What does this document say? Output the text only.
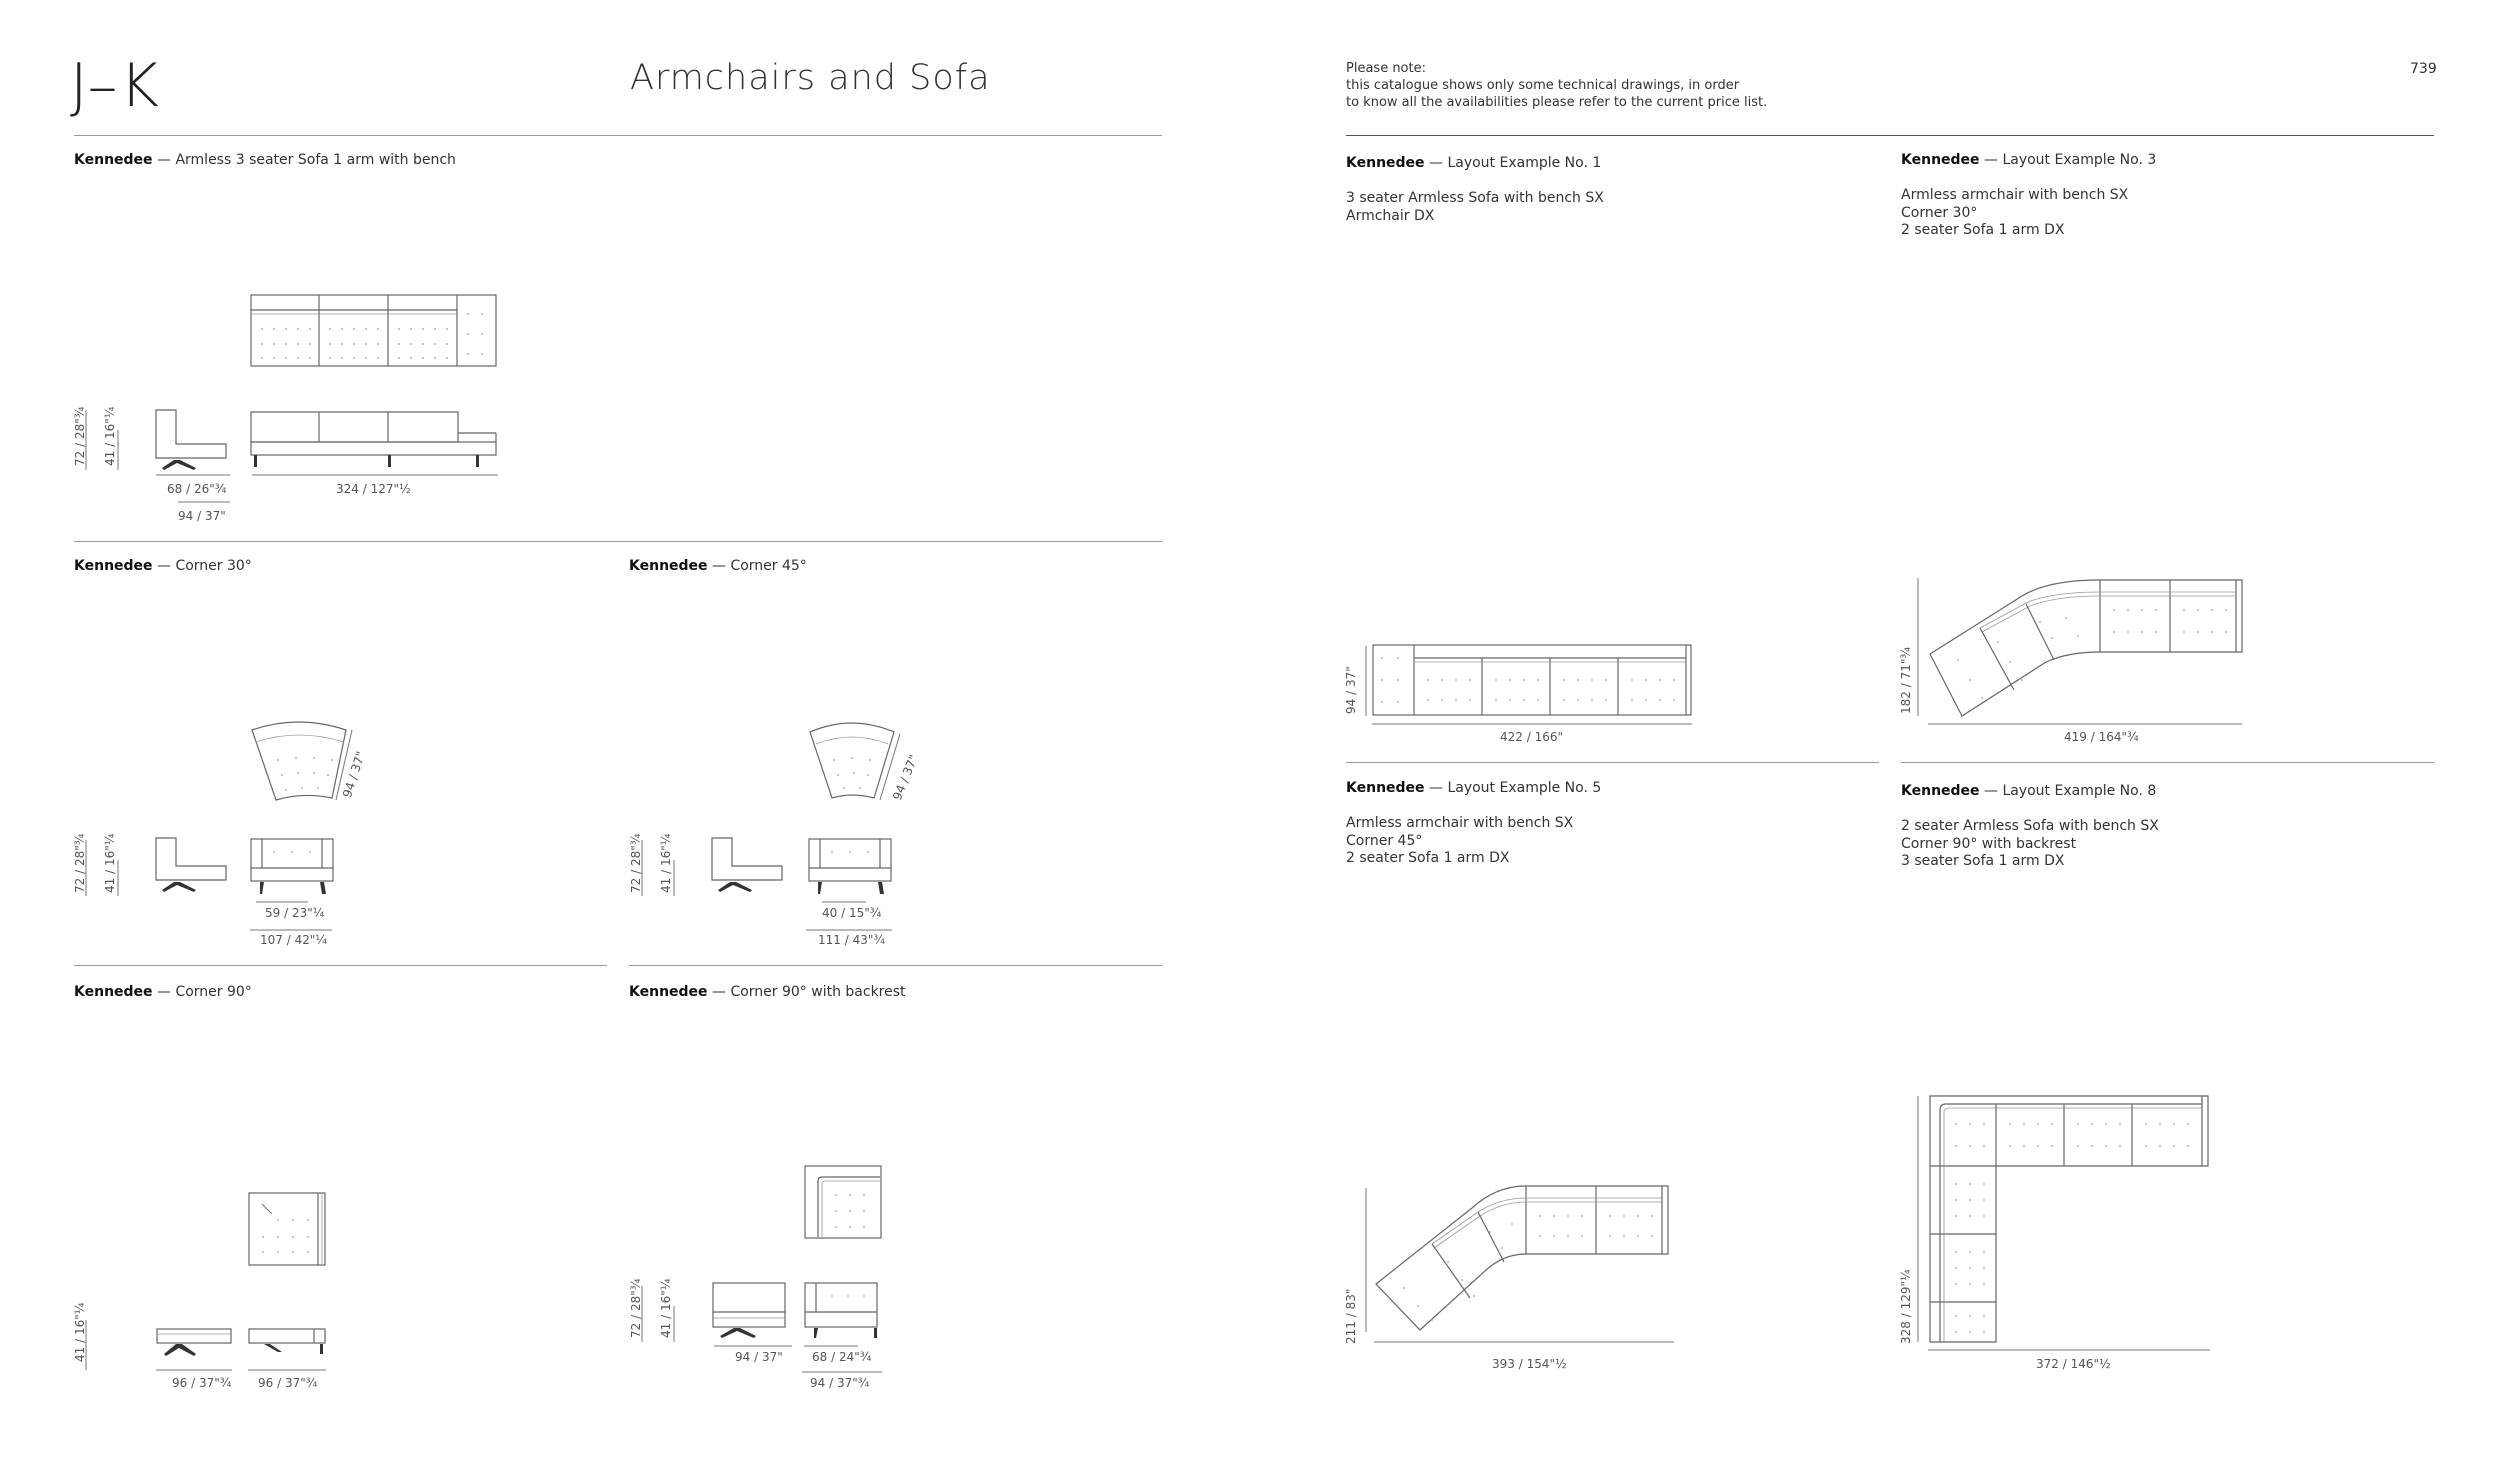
J–K	Armchairs and Sofa	Please note:
this catalogue shows only some technical drawings, in order
to know all the availabilities please refer to the current price list.
739
Kennedee — Armless 3 seater Sofa 1 arm with bench
72 / 28"¾ 41 / 16"¼
68 / 26"¾
94 / 37"
324 / 127"½
Kennedee — Corner 30°
94 / 37"
72 / 28"¾ 41 / 16"¼
59 / 23"¼
107 / 42"¼
Kennedee — Corner 45°
94 / 37"
72 / 28"¾ 41 / 16"¼
40 / 15"¾
111 / 43"¾
Kennedee — Corner 90°
41 / 16"¼
96 / 37"¾ 96 / 37"¾
Kennedee — Corner 90° with backrest
72 / 28"¾ 41 / 16"¼
94 / 37" 68 / 24"¾
94 / 37"¾
Kennedee — Layout Example No. 1
3 seater Armless Sofa with bench SX
Armchair DX
94 / 37"
422 / 166"
Kennedee — Layout Example No. 3
Armless armchair with bench SX
Corner 30°
2 seater Sofa 1 arm DX
182 / 71"¾
419 / 164"¾
Kennedee — Layout Example No. 5
Armless armchair with bench SX
Corner 45°
2 seater Sofa 1 arm DX
211 / 83"
393 / 154"½
Kennedee — Layout Example No. 8
2 seater Armless Sofa with bench SX
Corner 90° with backrest
3 seater Sofa 1 arm DX
328 / 129"¼
372 / 146"½
